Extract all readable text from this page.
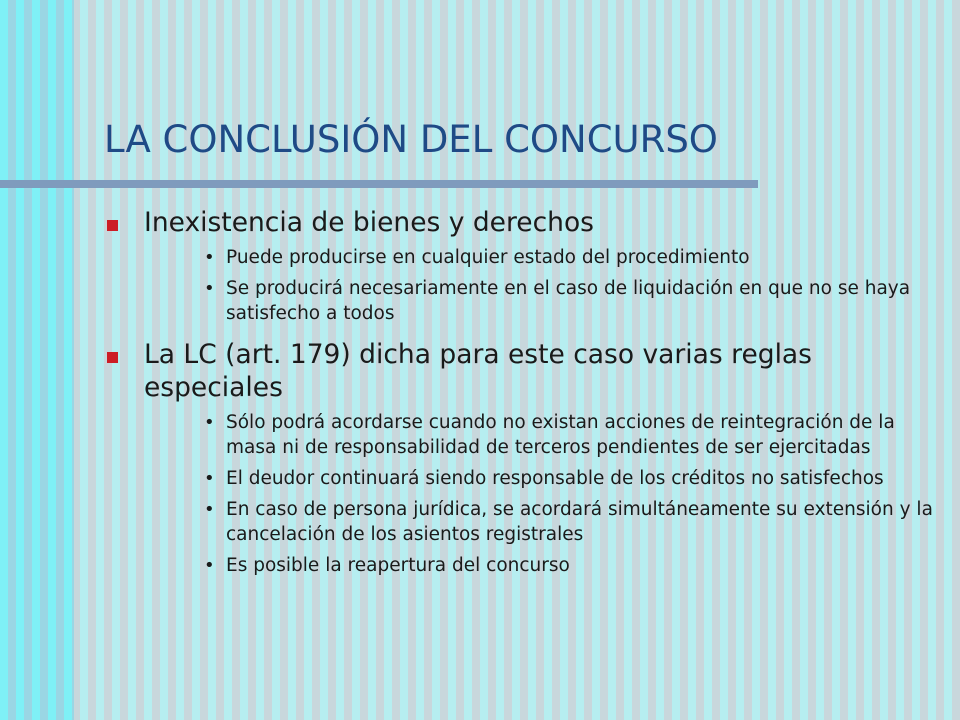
LA CONCLUSIÓN DEL CONCURSO
Inexistencia de bienes y derechos
• Puede producirse en cualquier estado del procedimiento
• Se producirá necesariamente en el caso de liquidación en que no se haya satisfecho a todos
La LC (art. 179) dicha para este caso varias reglas especiales
• Sólo podrá acordarse cuando no existan acciones de reintegración de la masa ni de responsabilidad de terceros pendientes de ser ejercitadas
• El deudor continuará siendo responsable de los créditos no satisfechos
• En caso de persona jurídica, se acordará simultáneamente su extensión y la cancelación de los asientos registrales
• Es posible la reapertura del concurso
